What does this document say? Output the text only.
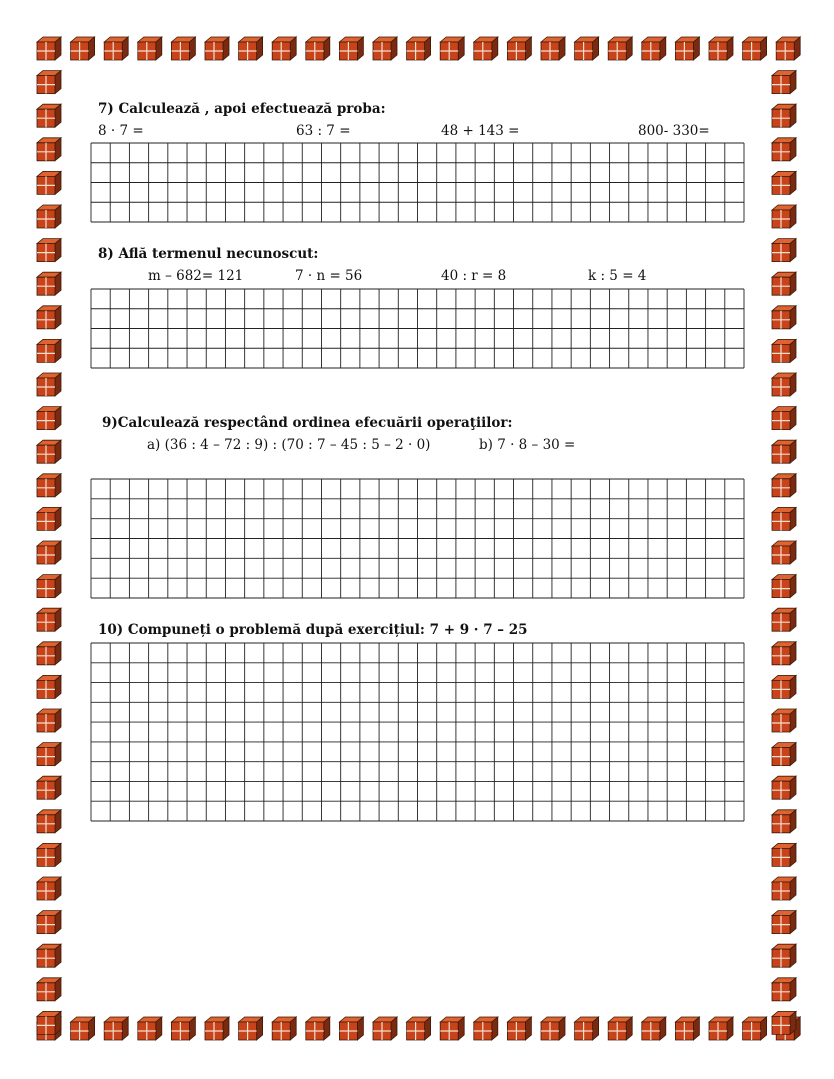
7) Calculează , apoi efectuează proba:
8 · 7 =	63 : 7 =	48 + 143 =	800- 330=
8) Află termenul necunoscut:
m – 682= 121	7 · n = 56	40 : r = 8	k : 5 = 4
9)Calculează respectând ordinea efecuării operaţiilor:
a) (36 : 4 – 72 : 9) : (70 : 7 – 45 : 5 – 2 · 0)	b) 7 · 8 – 30 =
10) Compuneți o problemă după exercițiul: 7 + 9 · 7 – 25
